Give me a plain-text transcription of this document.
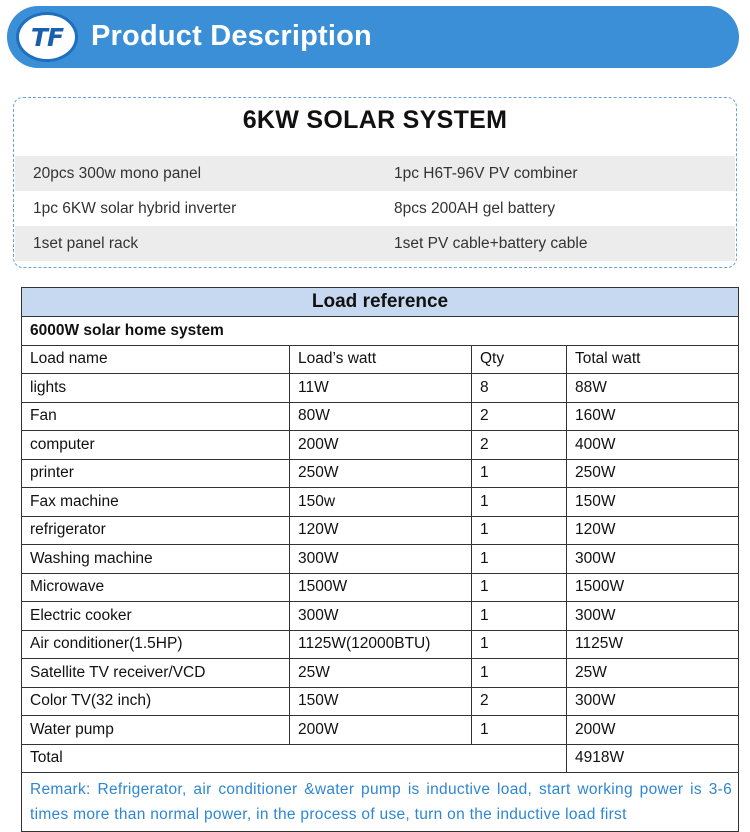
TF Product Description
6KW SOLAR SYSTEM
20pcs 300w mono panel	1pc H6T-96V PV combiner
1pc 6KW solar hybrid inverter	8pcs 200AH gel battery
1set panel rack	1set PV cable+battery cable
Load reference			
6000W solar home system			
Load name	Load’s watt	Qty	Total watt
lights	11W	8	88W
Fan	80W	2	160W
computer	200W	2	400W
printer	250W	1	250W
Fax machine	150w	1	150W
refrigerator	120W	1	120W
Washing machine	300W	1	300W
Microwave	1500W	1	1500W
Electric cooker	300W	1	300W
Air conditioner(1.5HP)	1125W(12000BTU)	1	1125W
Satellite TV receiver/VCD	25W	1	25W
Color TV(32 inch)	150W	2	300W
Water pump	200W	1	200W
Total			4918W
Remark: Refrigerator, air conditioner &water pump is inductive load, start working power is 3-6 times more than normal power, in the process of use, turn on the inductive load first			
